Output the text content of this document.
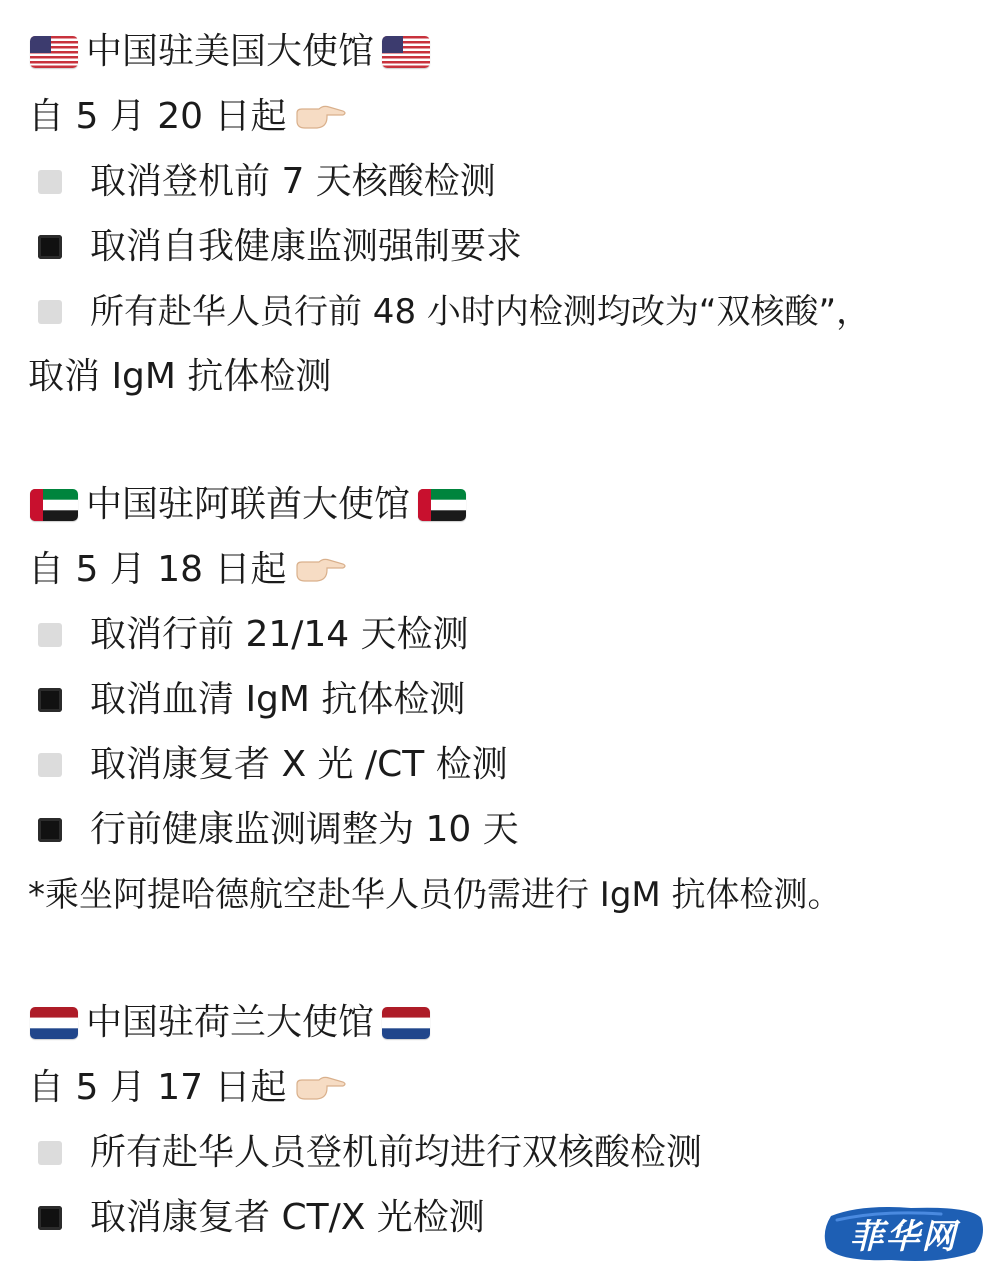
中国驻美国大使馆
自 5 月 20 日起
取消登机前 7 天核酸检测
取消自我健康监测强制要求
所有赴华人员行前 48 小时内检测均改为“双核酸”，
取消 IgM 抗体检测
中国驻阿联酋大使馆
自 5 月 18 日起
取消行前 21/14 天检测
取消血清 IgM 抗体检测
取消康复者 X 光 /CT 检测
行前健康监测调整为 10 天
*乘坐阿提哈德航空赴华人员仍需进行 IgM 抗体检测。
中国驻荷兰大使馆
自 5 月 17 日起
所有赴华人员登机前均进行双核酸检测
取消康复者 CT/X 光检测	菲华网
